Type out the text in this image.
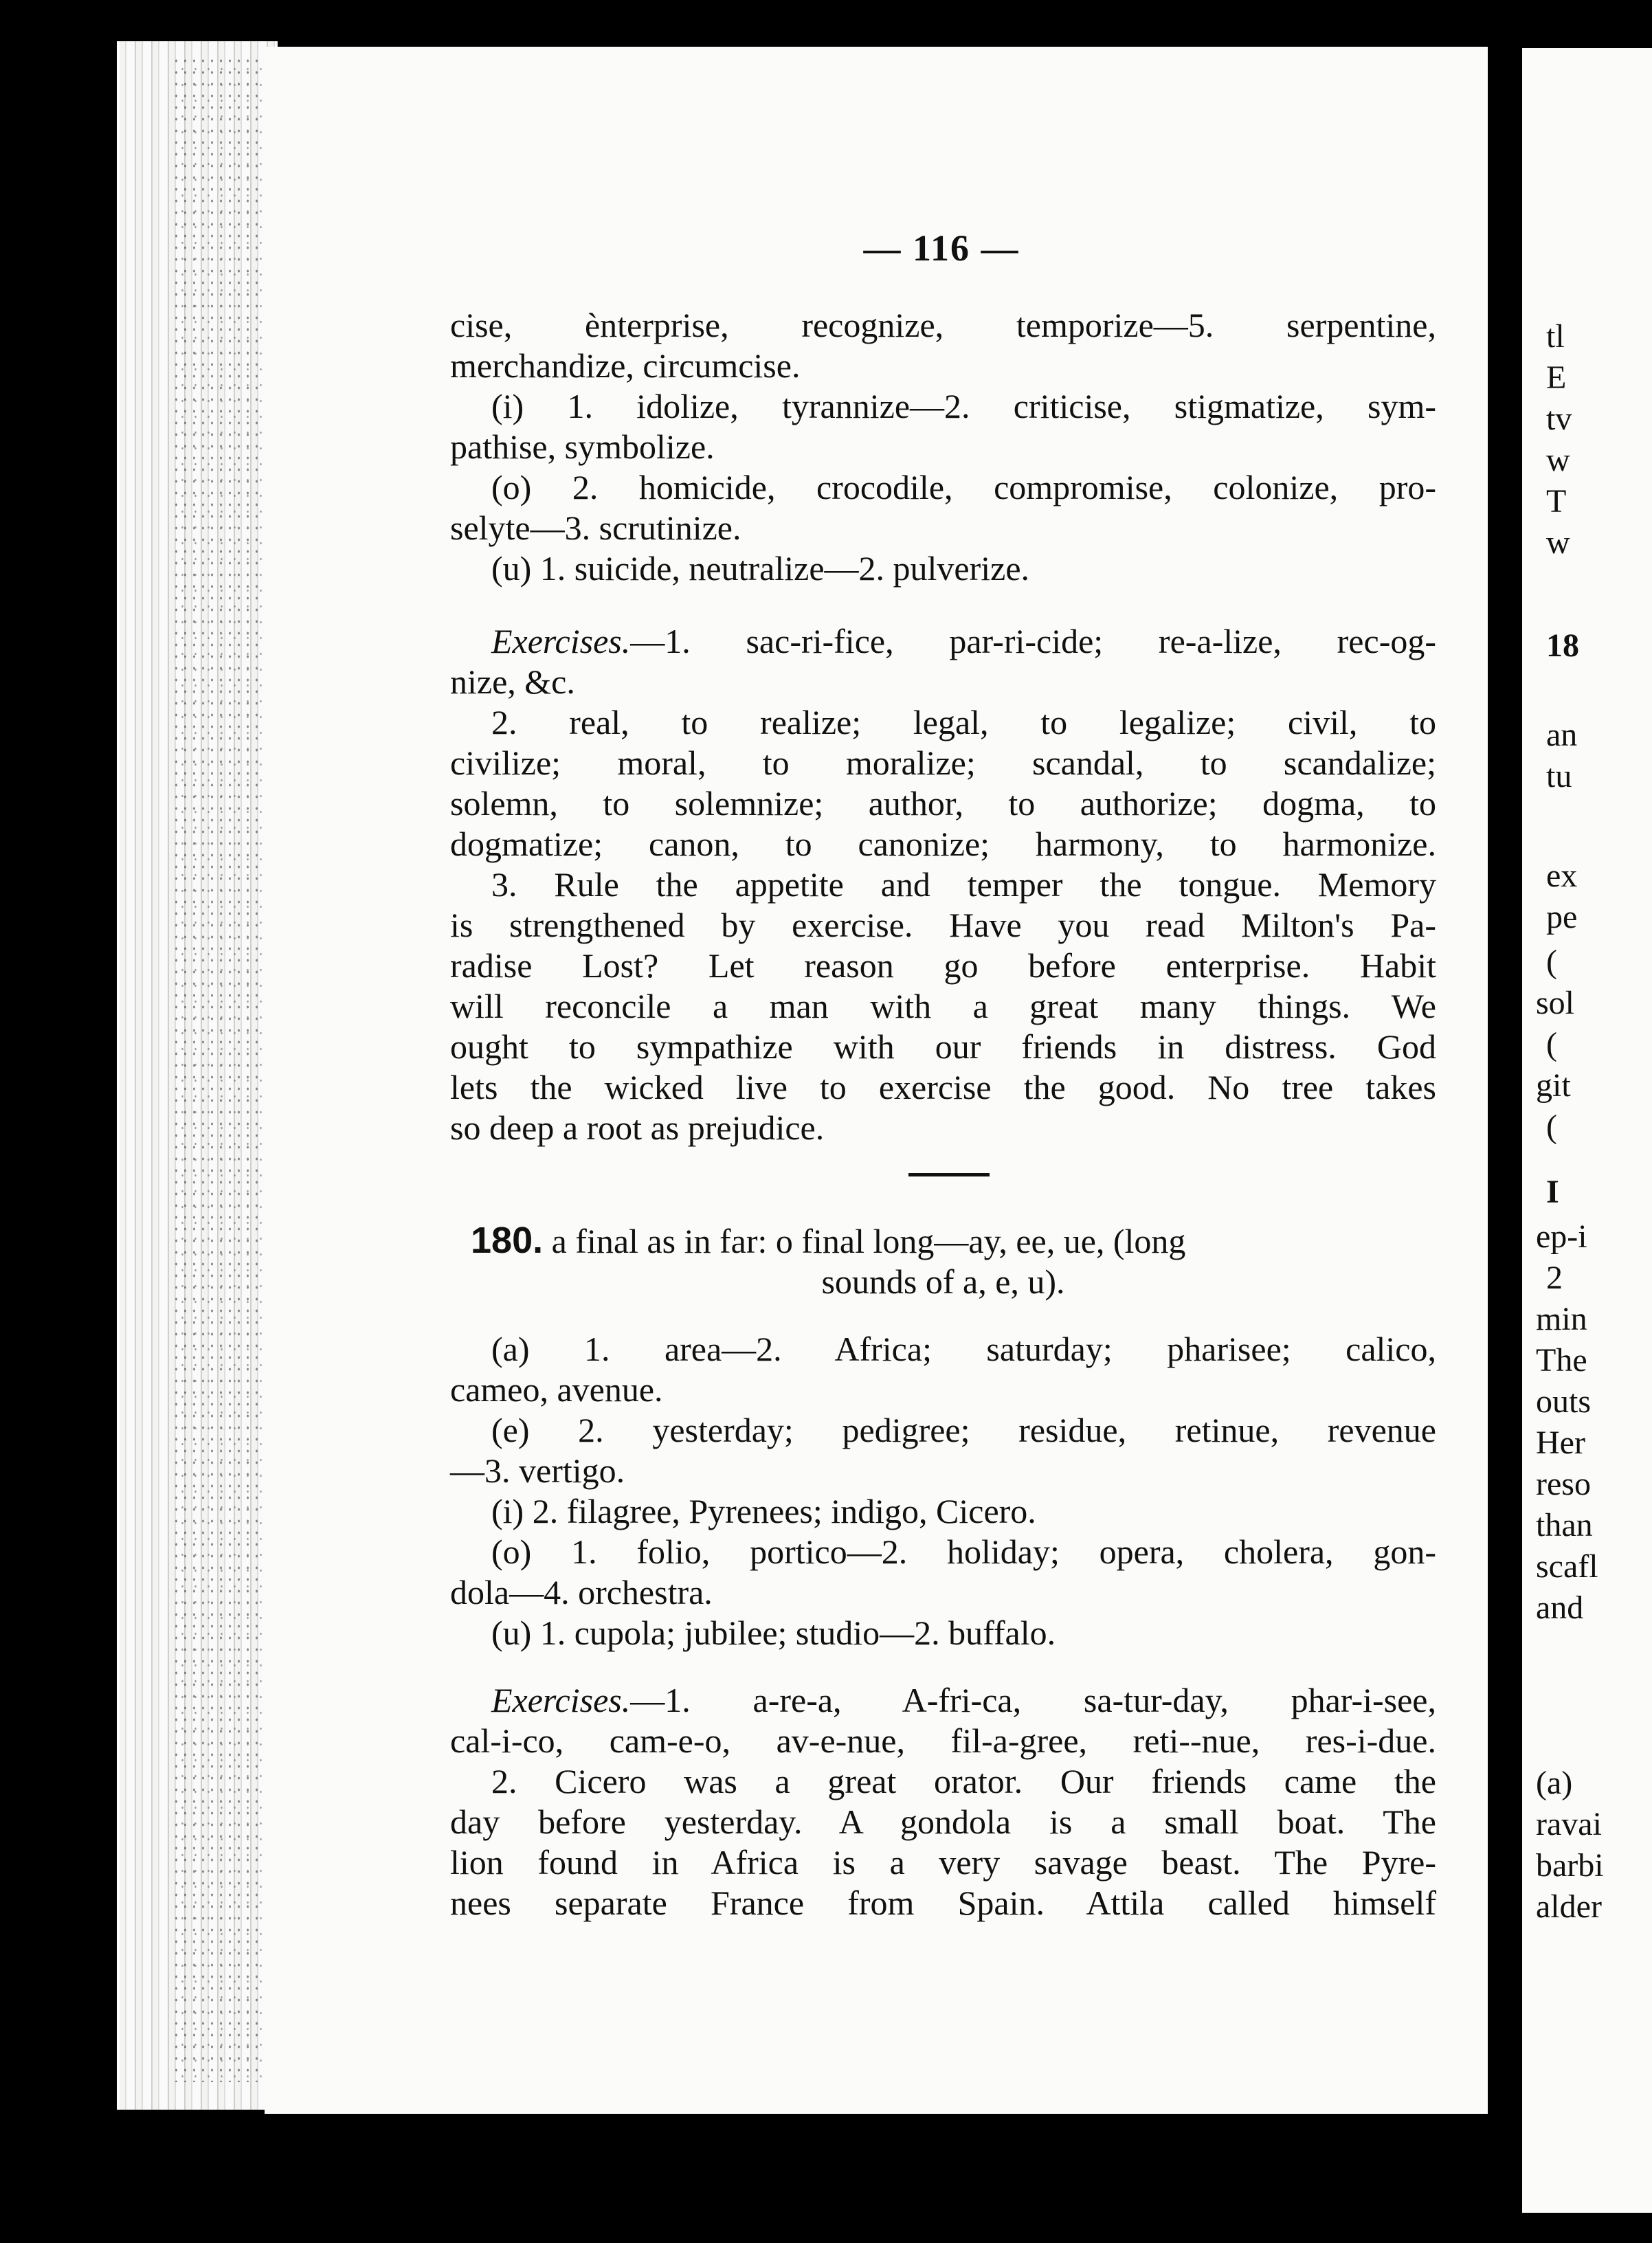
— 116 —
cise, ènterprise, recognize, temporize—5. serpentine,
merchandize, circumcise.
(i) 1. idolize, tyrannize—2. criticise, stigmatize, sym-
pathise, symbolize.
(o) 2. homicide, crocodile, compromise, colonize, pro-
selyte—3. scrutinize.
(u) 1. suicide, neutralize—2. pulverize.
Exercises.—1. sac-ri-fice, par-ri-cide; re-a-lize, rec-og-
nize, &c.
2. real, to realize; legal, to legalize; civil, to
civilize; moral, to moralize; scandal, to scandalize;
solemn, to solemnize; author, to authorize; dogma, to
dogmatize; canon, to canonize; harmony, to harmonize.
3. Rule the appetite and temper the tongue. Memory
is strengthened by exercise. Have you read Milton's Pa-
radise Lost? Let reason go before enterprise. Habit
will reconcile a man with a great many things. We
ought to sympathize with our friends in distress. God
lets the wicked live to exercise the good. No tree takes
so deep a root as prejudice.
180. a final as in far: o final long—ay, ee, ue, (long
sounds of a, e, u).
(a) 1. area—2. Africa; saturday; pharisee; calico,
cameo, avenue.
(e) 2. yesterday; pedigree; residue, retinue, revenue
—3. vertigo.
(i) 2. filagree, Pyrenees; indigo, Cicero.
(o) 1. folio, portico—2. holiday; opera, cholera, gon-
dola—4. orchestra.
(u) 1. cupola; jubilee; studio—2. buffalo.
Exercises.—1. a-re-a, A-fri-ca, sa-tur-day, phar-i-see,
cal-i-co, cam-e-o, av-e-nue, fil-a-gree, reti--nue, res-i-due.
2. Cicero was a great orator. Our friends came the
day before yesterday. A gondola is a small boat. The
lion found in Africa is a very savage beast. The Pyre-
nees separate France from Spain. Attila called himself
tl
E
tv
w
T
w
18
an
tu
ex
pe
(
sol
(
git
(
I
ep-i
2
min
The
outs
Her
reso
than
scafl
and
(a)
ravai
barbi
alder
